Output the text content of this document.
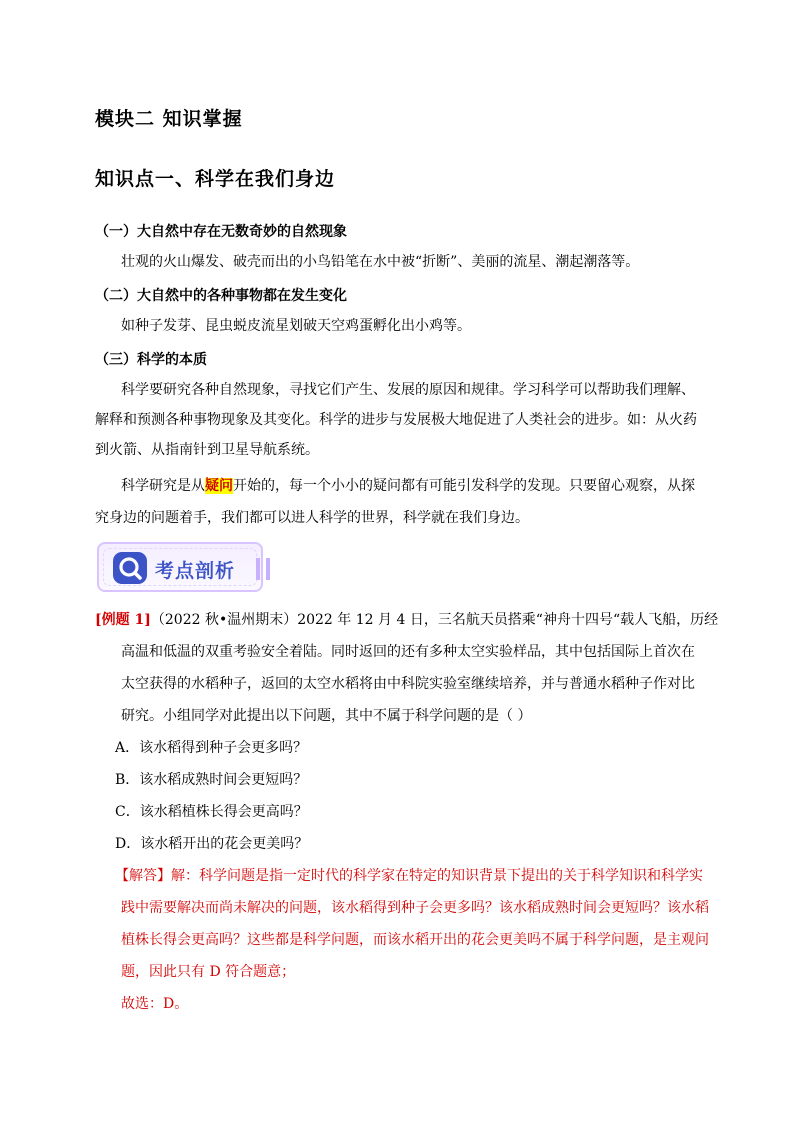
模块二 知识掌握
知识点一、科学在我们身边
（一）大自然中存在无数奇妙的自然现象
壮观的火山爆发、破壳而出的小鸟铅笔在水中被“折断”、美丽的流星、潮起潮落等。
（二）大自然中的各种事物都在发生变化
如种子发芽、昆虫蜕皮流星划破天空鸡蛋孵化出小鸡等。
（三）科学的本质
科学要研究各种自然现象，寻找它们产生、发展的原因和规律。学习科学可以帮助我们理解、
解释和预测各种事物现象及其变化。科学的进步与发展极大地促进了人类社会的进步。如：从火药
到火箭、从指南针到卫星导航系统。
科学研究是从疑问开始的，每一个小小的疑问都有可能引发科学的发现。只要留心观察，从探
究身边的问题着手，我们都可以进人科学的世界，科学就在我们身边。
考点剖析
[例题 1]（2022 秋•温州期末）2022 年 12 月 4 日，三名航天员搭乘“神舟十四号“载人飞船，历经
高温和低温的双重考验安全着陆。同时返回的还有多种太空实验样品，其中包括国际上首次在
太空获得的水稻种子，返回的太空水稻将由中科院实验室继续培养，并与普通水稻种子作对比
研究。小组同学对此提出以下问题，其中不属于科学问题的是（ ）
A．该水稻得到种子会更多吗？
B．该水稻成熟时间会更短吗？
C．该水稻植株长得会更高吗？
D．该水稻开出的花会更美吗？
【解答】解：科学问题是指一定时代的科学家在特定的知识背景下提出的关于科学知识和科学实
践中需要解决而尚未解决的问题，该水稻得到种子会更多吗？该水稻成熟时间会更短吗？该水稻
植株长得会更高吗？这些都是科学问题，而该水稻开出的花会更美吗不属于科学问题，是主观问
题，因此只有 D 符合题意；
故选：D。
